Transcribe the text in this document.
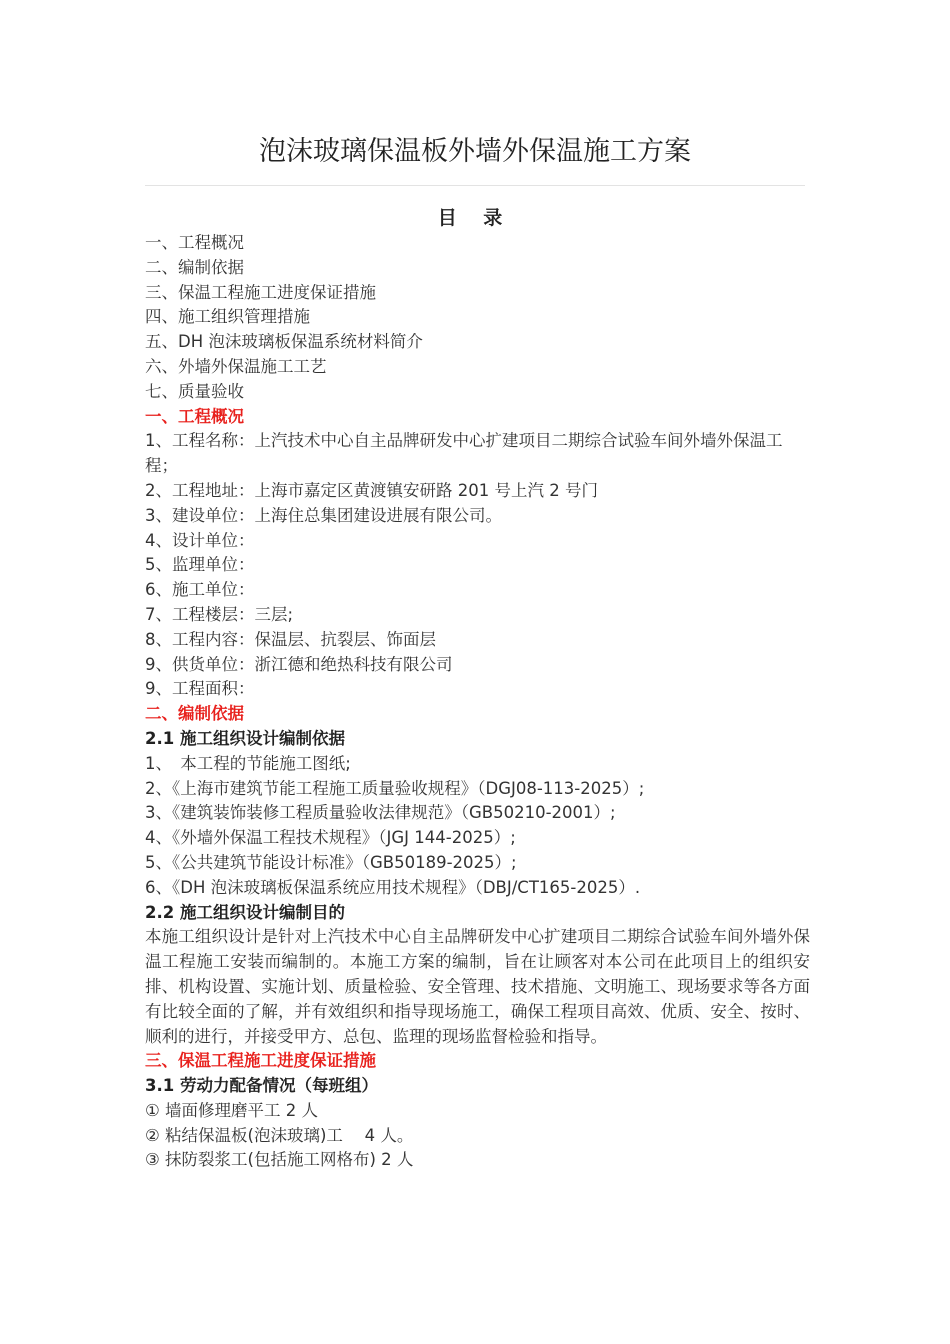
泡沫玻璃保温板外墙外保温施工方案
目 录
一、工程概况
二、编制依据
三、保温工程施工进度保证措施
四、施工组织管理措施
五、DH 泡沫玻璃板保温系统材料简介
六、外墙外保温施工工艺
七、质量验收
一、工程概况
1、工程名称：上汽技术中心自主品牌研发中心扩建项目二期综合试验车间外墙外保温工程；
2、工程地址：上海市嘉定区黄渡镇安研路 201 号上汽 2 号门
3、建设单位：上海住总集团建设进展有限公司。
4、设计单位：
5、监理单位：
6、施工单位：
7、工程楼层：三层;
8、工程内容：保温层、抗裂层、饰面层
9、供货单位：浙江德和绝热科技有限公司
9、工程面积：
二、编制依据
2.1 施工组织设计编制依据
1、　本工程的节能施工图纸;
2、《上海市建筑节能工程施工质量验收规程》（DGJ08-113-2025）;
3、《建筑装饰装修工程质量验收法律规范》（GB50210-2001）;
4、《外墙外保温工程技术规程》（JGJ 144-2025）;
5、《公共建筑节能设计标准》（GB50189-2025）;
6、《DH 泡沫玻璃板保温系统应用技术规程》（DBJ/CT165-2025）.
2.2 施工组织设计编制目的
本施工组织设计是针对上汽技术中心自主品牌研发中心扩建项目二期综合试验车间外墙外保温工程施工安装而编制的。本施工方案的编制，旨在让顾客对本公司在此项目上的组织安排、机构设置、实施计划、质量检验、安全管理、技术措施、文明施工、现场要求等各方面有比较全面的了解，并有效组织和指导现场施工，确保工程项目高效、优质、安全、按时、顺利的进行，并接受甲方、总包、监理的现场监督检验和指导。
三、保温工程施工进度保证措施
3.1 劳动力配备情况（每班组）
① 墙面修理磨平工 2 人
② 粘结保温板(泡沫玻璃)工　 4 人。
③ 抹防裂浆工(包括施工网格布) 2 人
